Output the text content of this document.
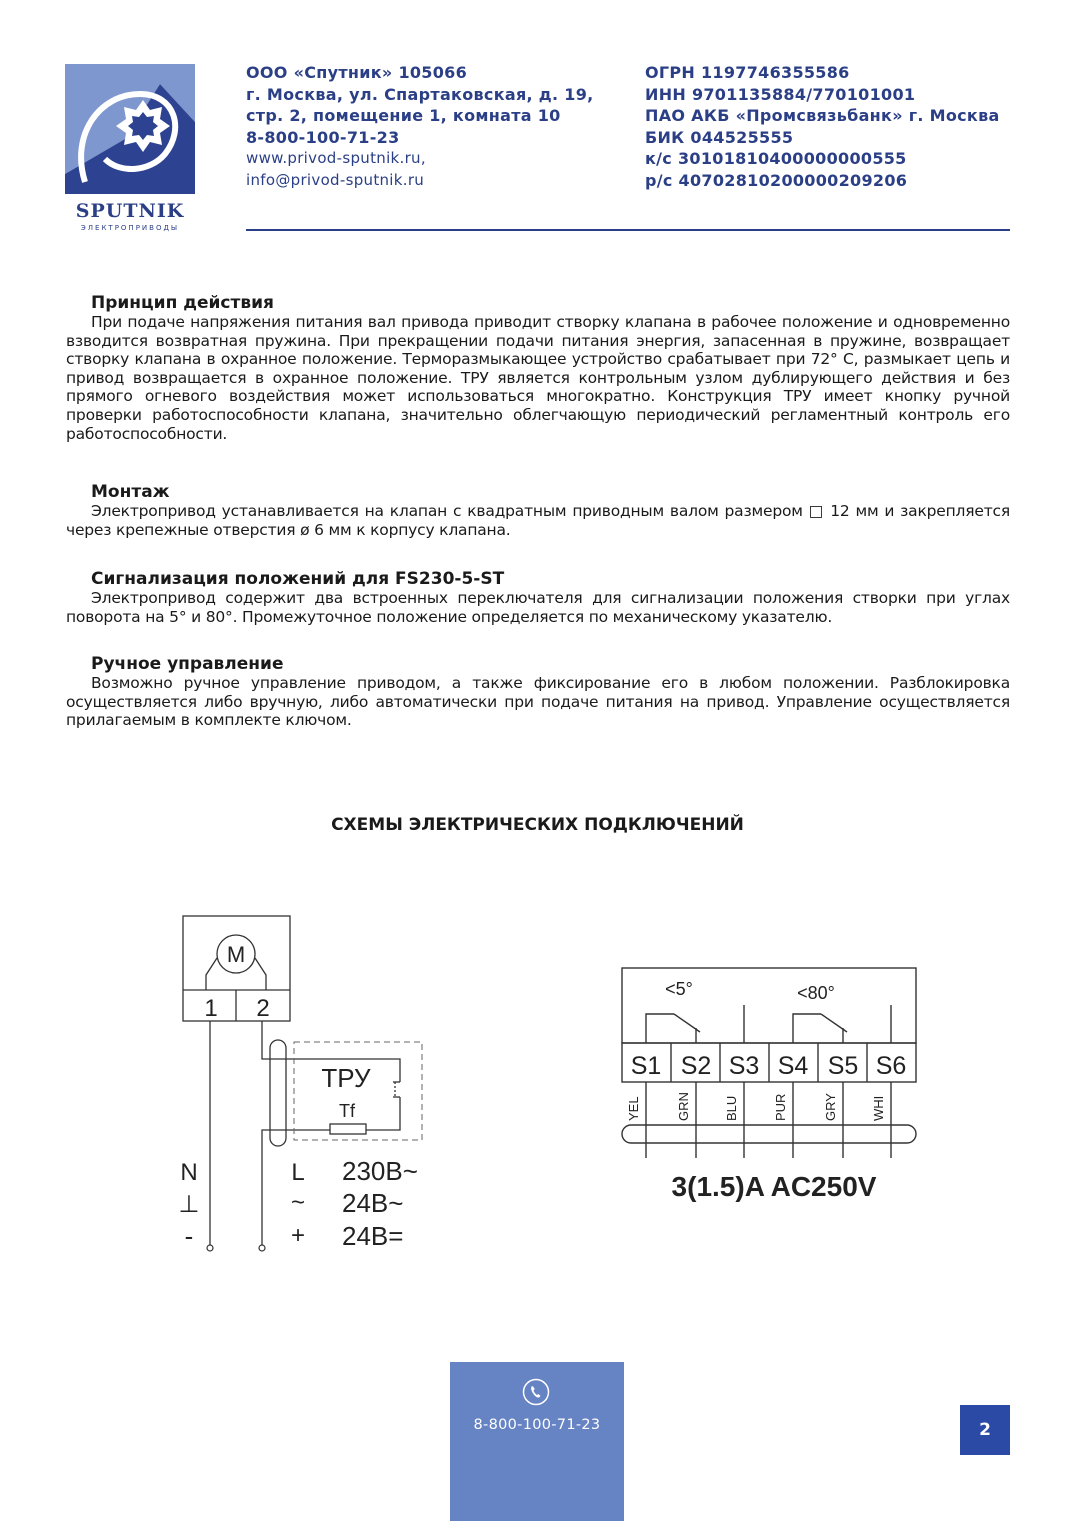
SPUTNIK
ЭЛЕКТРОПРИВОДЫ
ООО «Спутник» 105066
г. Москва, ул. Спартаковская, д. 19,
стр. 2, помещение 1, комната 10
8-800-100-71-23
www.privod-sputnik.ru,
info@privod-sputnik.ru
ОГРН 1197746355586
ИНН 9701135884/770101001
ПАО АКБ «Промсвязьбанк» г. Москва
БИК 044525555
к/с 30101810400000000555
р/с 40702810200000209206
Принцип действия

При подаче напряжения питания вал привода приводит створку клапана в рабочее положение и одновременно взводится возвратная пружина. При прекращении подачи питания энергия, запасенная в пружине, возвращает створку клапана в охранное положение. Терморазмыкающее устройство срабатывает при 72° С, размыкает цепь и привод возвращается в охранное положение. ТРУ является контрольным узлом дублирующего действия и без прямого огневого воздействия может использоваться многократно. Конструкция ТРУ имеет кнопку ручной проверки работоспособности клапана, значительно облегчающую периодический регламентный контроль его работоспособности.

Монтаж

Электропривод устанавливается на клапан с квадратным приводным валом размером □ 12 мм и закрепляется через крепежные отверстия ø 6 мм к корпусу клапана.

Сигнализация положений для FS230-5-ST

Электропривод содержит два встроенных переключателя для сигнализации положения створки при углах поворота на 5° и 80°. Промежуточное положение определяется по механическому указателю.

Ручное управление

Возможно ручное управление приводом, а также фиксирование его в любом положении. Разблокировка осуществляется либо вручную, либо автоматически при подаче питания на привод. Управление осуществляется прилагаемым в комплекте ключом.

СХЕМЫ ЭЛЕКТРИЧЕСКИХ ПОДКЛЮЧЕНИЙ
M
1 2
ТРУ
Tf
N
⊥
-
L
~
+
230В~
24В~
24В=
<5°	<80°
S1 S2 S3 S4 S5 S6
YEL	GRN	BLU	PUR	GRY	WHI
3(1.5)A AC250V
8-800-100-71-23	2
